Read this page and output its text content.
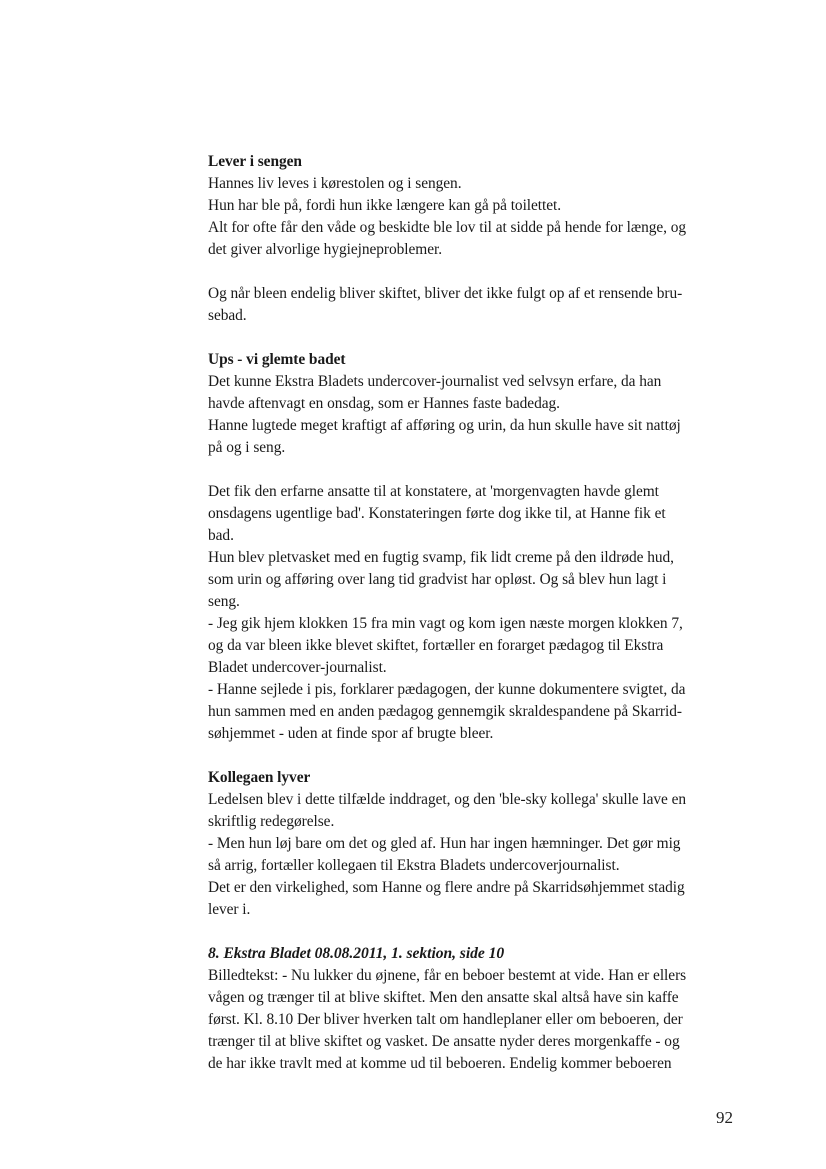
Lever i sengen
Hannes liv leves i kørestolen og i sengen.
Hun har ble på, fordi hun ikke længere kan gå på toilettet.
Alt for ofte får den våde og beskidte ble lov til at sidde på hende for længe, og
det giver alvorlige hygiejneproblemer.
Og når bleen endelig bliver skiftet, bliver det ikke fulgt op af et rensende bru-
sebad.
Ups - vi glemte badet
Det kunne Ekstra Bladets undercover-journalist ved selvsyn erfare, da han
havde aftenvagt en onsdag, som er Hannes faste badedag.
Hanne lugtede meget kraftigt af afføring og urin, da hun skulle have sit nattøj
på og i seng.
Det fik den erfarne ansatte til at konstatere, at 'morgenvagten havde glemt
onsdagens ugentlige bad'. Konstateringen førte dog ikke til, at Hanne fik et
bad.
Hun blev pletvasket med en fugtig svamp, fik lidt creme på den ildrøde hud,
som urin og afføring over lang tid gradvist har opløst. Og så blev hun lagt i
seng.
- Jeg gik hjem klokken 15 fra min vagt og kom igen næste morgen klokken 7,
og da var bleen ikke blevet skiftet, fortæller en forarget pædagog til Ekstra
Bladet undercover-journalist.
- Hanne sejlede i pis, forklarer pædagogen, der kunne dokumentere svigtet, da
hun sammen med en anden pædagog gennemgik skraldespandene på Skarrid-
søhjemmet - uden at finde spor af brugte bleer.
Kollegaen lyver
Ledelsen blev i dette tilfælde inddraget, og den 'ble-sky kollega' skulle lave en
skriftlig redegørelse.
- Men hun løj bare om det og gled af. Hun har ingen hæmninger. Det gør mig
så arrig, fortæller kollegaen til Ekstra Bladets undercoverjournalist.
Det er den virkelighed, som Hanne og flere andre på Skarridsøhjemmet stadig
lever i.
8. Ekstra Bladet 08.08.2011, 1. sektion, side 10
Billedtekst: - Nu lukker du øjnene, får en beboer bestemt at vide. Han er ellers
vågen og trænger til at blive skiftet. Men den ansatte skal altså have sin kaffe
først. Kl. 8.10 Der bliver hverken talt om handleplaner eller om beboeren, der
trænger til at blive skiftet og vasket. De ansatte nyder deres morgenkaffe - og
de har ikke travlt med at komme ud til beboeren. Endelig kommer beboeren
92
